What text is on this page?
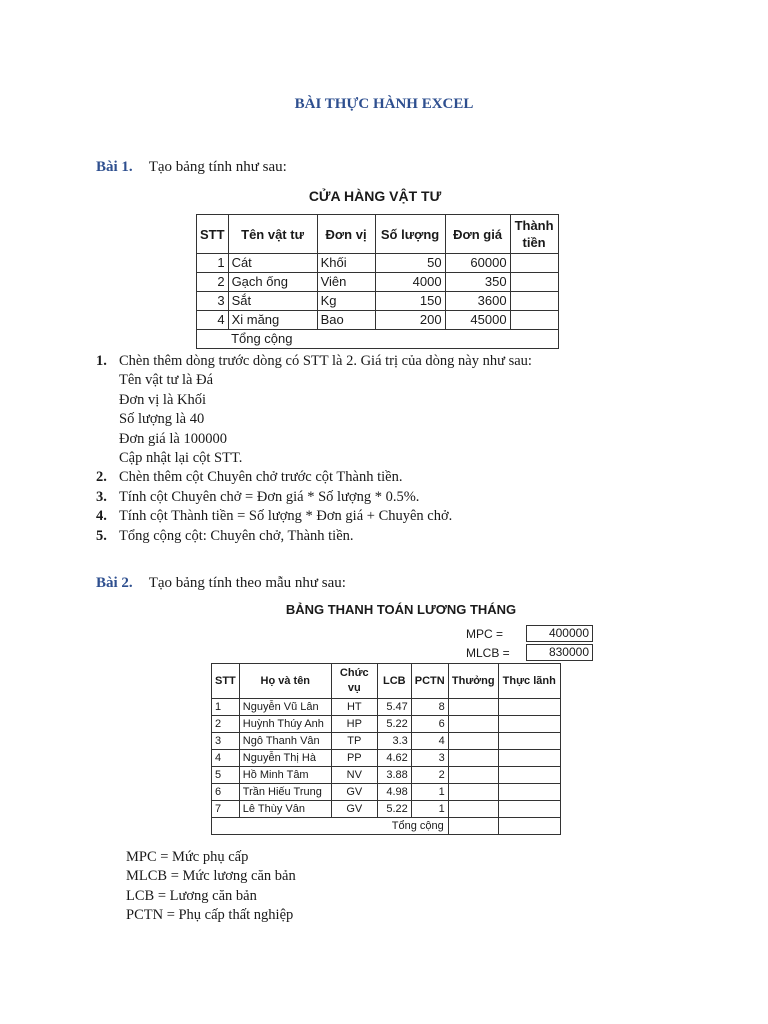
BÀI THỰC HÀNH EXCEL
Bài 1. Tạo bảng tính như sau:
CỬA HÀNG VẬT TƯ
STT	Tên vật tư	Đơn vị	Số lượng	Đơn giá	Thành tiền
1	Cát	Khối	50	60000	
2	Gạch ống	Viên	4000	350	
3	Sắt	Kg	150	3600	
4	Xi măng	Bao	200	45000	
	Tổng cộng				
1. Chèn thêm dòng trước dòng có STT là 2. Giá trị của dòng này như sau:
Tên vật tư là Đá
Đơn vị là Khối
Số lượng là 40
Đơn giá là 100000
Cập nhật lại cột STT.
2. Chèn thêm cột Chuyên chở trước cột Thành tiền.
3. Tính cột Chuyên chở = Đơn giá * Số lượng * 0.5%.
4. Tính cột Thành tiền = Số lượng * Đơn giá + Chuyên chở.
5. Tổng cộng cột: Chuyên chở, Thành tiền.
Bài 2. Tạo bảng tính theo mẫu như sau:
BẢNG THANH TOÁN LƯƠNG THÁNG
MPC =	400000
MLCB =	830000
STT	Họ và tên	Chức vụ	LCB	PCTN	Thưởng	Thực lãnh
1	Nguyễn Vũ Lân	HT	5.47	8		
2	Huỳnh Thúy Anh	HP	5.22	6		
3	Ngô Thanh Vân	TP	3.3	4		
4	Nguyễn Thị Hà	PP	4.62	3		
5	Hồ Minh Tâm	NV	3.88	2		
6	Trần Hiếu Trung	GV	4.98	1		
7	Lê Thùy Vân	GV	5.22	1		
Tổng cộng						
MPC = Mức phụ cấp
MLCB = Mức lương căn bản
LCB = Lương căn bản
PCTN = Phụ cấp thất nghiệp
